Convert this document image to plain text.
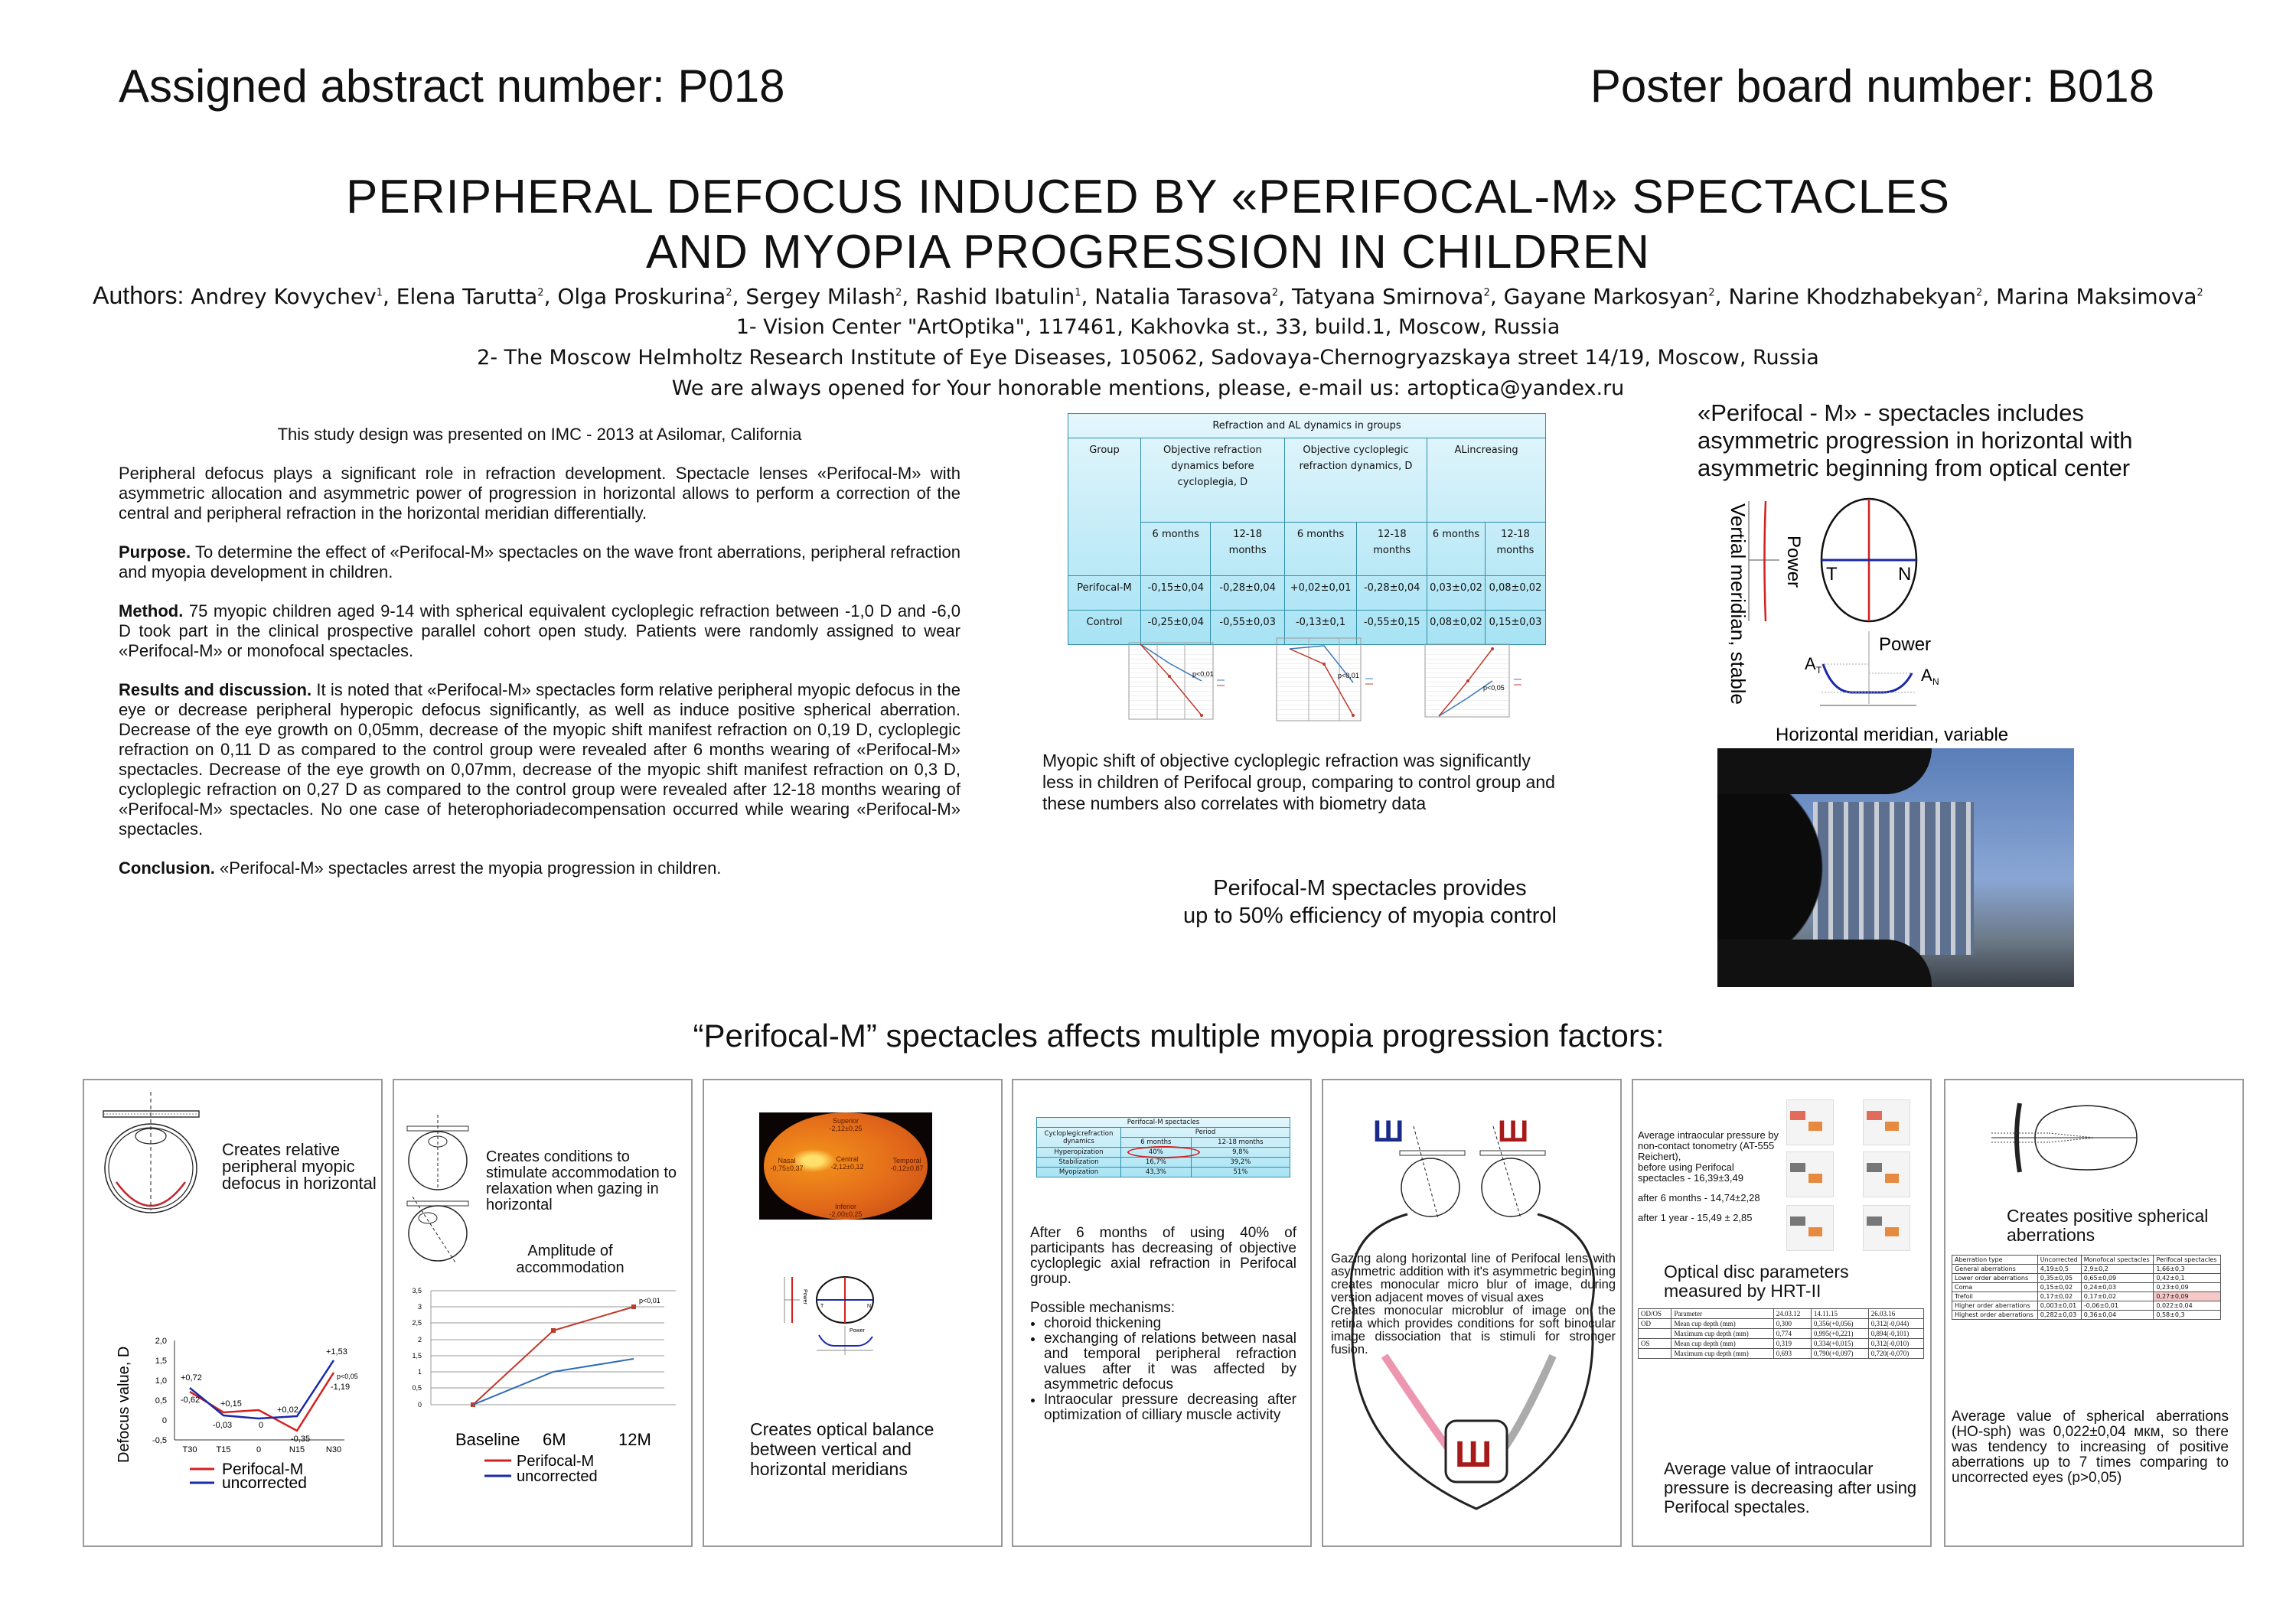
Assigned abstract number: P018	Poster board number: B018
PERIPHERAL DEFOCUS INDUCED BY «PERIFOCAL-M» SPECTACLES
AND MYOPIA PROGRESSION IN CHILDREN
Authors: Andrey Kovychev$^1$, Elena Tarutta$^2$, Olga Proskurina$^2$, Sergey Milash$^2$, Rashid Ibatulin$^1$, Natalia Tarasova$^2$, Tatyana Smirnova$^2$, Gayane Markosyan$^2$, Narine Khodzhabekyan$^2$, Marina Maksimova$^2$
1- Vision Center "ArtOptika", 117461, Kakhovka st., 33, build.1, Moscow, Russia
2- The Moscow Helmholtz Research Institute of Eye Diseases, 105062, Sadovaya-Chernogryazskaya street 14/19, Moscow, Russia
We are always opened for Your honorable mentions, please, e-mail us: artoptica@yandex.ru

This study design was presented on IMC - 2013 at Asilomar, California

Peripheral defocus plays a significant role in refraction development. Spectacle lenses «Perifocal-M» with asymmetric allocation and asymmetric power of progression in horizontal allows to perform a correction of the central and peripheral refraction in the horizontal meridian differentially.

Purpose. To determine the effect of «Perifocal-M» spectacles on the wave front aberrations, peripheral refraction and myopia development in children.

Method. 75 myopic children aged 9-14 with spherical equivalent cycloplegic refraction between -1,0 D and -6,0 D took part in the clinical prospective parallel cohort open study. Patients were randomly assigned to wear «Perifocal-M» or monofocal spectacles.

Results and discussion. It is noted that «Perifocal-M» spectacles form relative peripheral myopic defocus in the eye or decrease peripheral hyperopic defocus significantly, as well as induce positive spherical aberration. Decrease of the eye growth on 0,05mm, decrease of the myopic shift manifest refraction on 0,19 D, cycloplegic refraction on 0,11 D as compared to the control group were revealed after 6 months wearing of «Perifocal-M» spectacles. Decrease of the eye growth on 0,07mm, decrease of the myopic shift manifest refraction on 0,3 D, cycloplegic refraction on 0,27 D as compared to the control group were revealed after 12-18 months wearing of «Perifocal-M» spectacles. No one case of heterophoriadecompensation occurred while wearing «Perifocal-M» spectacles.

Conclusion. «Perifocal-M» spectacles arrest the myopia progression in children.

Refraction and AL dynamics in groups						
Group	Objective refraction dynamics before cycloplegia, D		Objective cycloplegic refraction dynamics, D		ALincreasing	
	6 months	12-18 months	6 months	12-18 months	6 months	12-18 months
Perifocal-M	-0,15±0,04	-0,28±0,04	+0,02±0,01	-0,28±0,04	0,03±0,02	0,08±0,02
Control	-0,25±0,04	-0,55±0,03	-0,13±0,1	-0,55±0,15	0,08±0,02	0,15±0,03
p<0,01	p<0,01
p<0,05
Myopic shift of objective cycloplegic refraction was significantly less in children of Perifocal group, comparing to control group and these numbers also correlates with biometry data
Perifocal-M spectacles provides
up to 50% efficiency of myopia control
«Perifocal - M» - spectacles includes asymmetric progression in horizontal with asymmetric beginning from optical center
Vertial meridian, stable Power T	N
Power
A T	A N
Horizontal meridian, variable
“Perifocal-M” spectacles affects multiple myopia progression factors:
Creates relative peripheral myopic defocus in horizontal
Defocus value, D
2,0
1,5
1,0
0,5
0
-0,5
+0,72
-0,62 +0,15
-0,03	0
+0,02
-0,35
+1,53
p<0,05
-1,19
T30 T15	0	N15	N30
Perifocal-M
uncorrected
Creates conditions to stimulate accommodation to relaxation when gazing in horizontal
Amplitude of accommodation
3,5
3
2,5
2
1,5
1
0,5
0
p<0,01
Baseline 6M	12M
Perifocal-M
uncorrected
Superior
-2,12±0,25
Nasal
-0,75±0,37
Central
-2,12±0,12
Temporal
-0,12±0,87
Inferior
-2,00±0,25
Power
T	N
Power
Creates optical balance between vertical and horizontal meridians
Perifocal-M spectacles		
Cycloplegicrefraction dynamics	Period	
	6 months	12-18 months
Hyperopization	40%	9,8%
Stabilization	16,7%	39,2%
Myopization	43,3%	51%
After 6 months of using 40% of participants has decreasing of objective cycloplegic axial refraction in Perifocal group.
Possible mechanisms:
• choroid thickening
• exchanging of relations between nasal and temporal peripheral refraction values after it was affected by asymmetric defocus
• Intraocular pressure decreasing after optimization of cilliary muscle activity
Ш	Ш
Ш
Gazing along horizontal line of Perifocal lens with asymmetric addition with it's asymmetric beginning creates monocular micro blur of image, during version adjacent moves of visual axes
Creates monocular microblur of image on the retina which provides conditions for soft binocular image dissociation that is stimuli for stronger fusion.
Average intraocular pressure by non-contact tonometry (AT-555 Reichert),
before using Perifocal spectacles - 16,39±3,49
after 6 months - 14,74±2,28
after 1 year - 15,49 ± 2,85
Optical disc parameters measured by HRT-II
OD/OS	Parameter	24.03.12	14.11.15	26.03.16
OD	Mean cup depth (mm)	0,300	0,356(+0,056)	0,312(-0,044)
	Maximum cup depth (mm)	0,774	0,995(+0,221)	0,894(-0,101)
OS	Mean cup depth (mm)	0,319	0,334(+0,015)	0,312(-0,010)
	Maximum cup depth (mm)	0,693	0,790(+0,097)	0,720(-0,070)
Average value of intraocular pressure is decreasing after using Perifocal spectales.
Creates positive spherical aberrations
Aberration type	Uncorrected	Monofocal spectacles	Perifocal spectacles
General aberrations	4,19±0,5	2,9±0,2	1,66±0,3
Lower order aberrations	0,35±0,05	0,65±0,09	0,42±0,1
Coma	0,15±0,02	0,24±0,03	0,23±0,09
Trefoil	0,17±0,02	0,17±0,02	0,27±0,09
Higher order aberrations	0,003±0,01	-0,06±0,01	0,022±0,04
Highest order aberrations	0,282±0,03	0,36±0,04	0,58±0,3
Average value of spherical aberrations (HO-sph) was 0,022±0,04 мкм, so there was tendency to increasing of positive aberrations up to 7 times comparing to uncorrected eyes (p>0,05)
